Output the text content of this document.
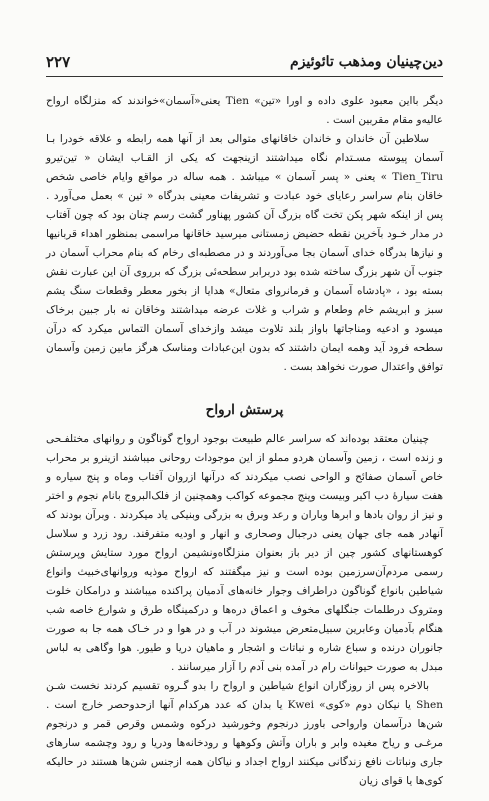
۲۲۷	دین‌چینیان ومذهب تائوئیزم

دیگر بااین معبود علوی داده و اورا «تین» Tien یعنی«آسمان»خواندند که منزلگاه ارواح عالیه‌و مقام مقربین است .

سلاطین آن خاندان و خاندان خاقانهای متوالی بعد از آنها همه رابطه و علاقه خودرا بـا آسمان پیوسته مسـتدام نگاه میداشتند ازینجهت که یکی از القـاب ایشان « تین‌تیرو Tien_Tiru » یعنی « پسر آسمان » میباشد . همه ساله در مواقع وایام خاصی شخص خاقان بنام سراسر رعایای خود عبادت و تشریفات معینی بدرگاه « تین » بعمل می‌آورد . پس از اینکه شهر پکن تخت گاه بزرگ آن کشور پهناور گشت رسم چنان بود که چون آفتاب در مدار خـود بآخرین نقطه حضیض زمستانی میرسید خاقانها مراسمی بمنظور اهداء قربانیها و نیازها بدرگاه خدای آسمان بجا می‌آوردند و در مصطبه‌ای رخام که بنام محراب آسمان در جنوب آن شهر بزرگ ساخته شده بود دربرابر سطحه‌ئی بزرگ که برروی آن این عبارت نقش بسته بود ، «پادشاه آسمان و فرمانروای متعال» هدایا از بخور معطر وقطعات سنگ یشم سبز و ابریشم خام وطعام و شراب و غلات عرضه میداشتند وخاقان نه بار جبین برخاک میسود و ادعیه ومناجاتها باواز بلند تلاوت میشد وازخدای آسمان التماس میکرد که درآن سطحه فرود آید وهمه ایمان داشتند که بدون این‌عبادات ومناسک هرگز مابین زمین وآسمان توافق واعتدال صورت نخواهد بست .

پرستش ارواح

چینیان معتقد بوده‌اند که سراسر عالم طبیعت بوجود ارواح گوناگون و روانهای مختلفـحی و زنده است ، زمین وآسمان هردو مملو از این موجودات روحانی میباشند ازینرو بر محراب خاص آسمان صفائح و الواحی نصب میکردند که درآنها ازروان آفتاب وماه و پنج سیاره و هفت سیارهٔ دب اکبر وبیست وپنج مجموعه کواکب وهمچنین از فلک‌البروج بانام نجوم و اختر و نیز از روان بادها و ابرها وباران و رعد وبرق به بزرگی وبنیکی یاد میکردند . وبرآن بودند که آنهادر همه جای جهان یعنی درجبال وصحاری و انهار و اودیه متفرقند. رود زرد و سلاسل کوهستانهای کشور چین از دیر باز بعنوان منزلگاه‌ونشیمن ارواح مورد ستایش وپرستش رسمی مردم‌آن‌سرزمین بوده است و نیز میگفتند که ارواح موذیه وروانهای‌خبیث وانواع شیاطین بانواع گوناگون دراطراف وجوار خانه‌های آدمیان پراکنده میباشند و درامکان خلوت ومتروک درطلمات جنگلهای مخوف و اعماق دره‌ها و درکمینگاه طرق و شوارع خاصه شب هنگام بآدمیان وعابرین سبیل‌متعرض میشوند در آب و در هوا و در خـاک همه جا به صورت جانوران درنده و سباع شاره و نباتات و اشجار و ماهیان دریا و طیور. هوا وگاهی به لباس مبدل به صورت حیوانات رام در آمده بنی آدم را آزار میرسانند .

بالاخره پس از روزگاران انواع شیاطین و ارواح را بدو گـروه تقسیم کردند نخست شـن Shen یا نیکان دوم «کوی» Kwei یا بدان که عدد هرکدام آنها ازحدوحصر خارج است . شن‌ها درآسمان وارواحی باورز درنجوم وخورشید درکوه وشمس وقرص قمر و درنجوم مرغـی و ریاح مغیده وابر و باران وآتش وکوهها و رودخانه‌ها ودریا و رود وچشمه سارهای جاری ونباتات نافع زندگانی میکنند ارواح اجداد و نیاکان همه ازجنس شن‌ها هستند در حالیکه کوی‌ها یا قوای زیان
